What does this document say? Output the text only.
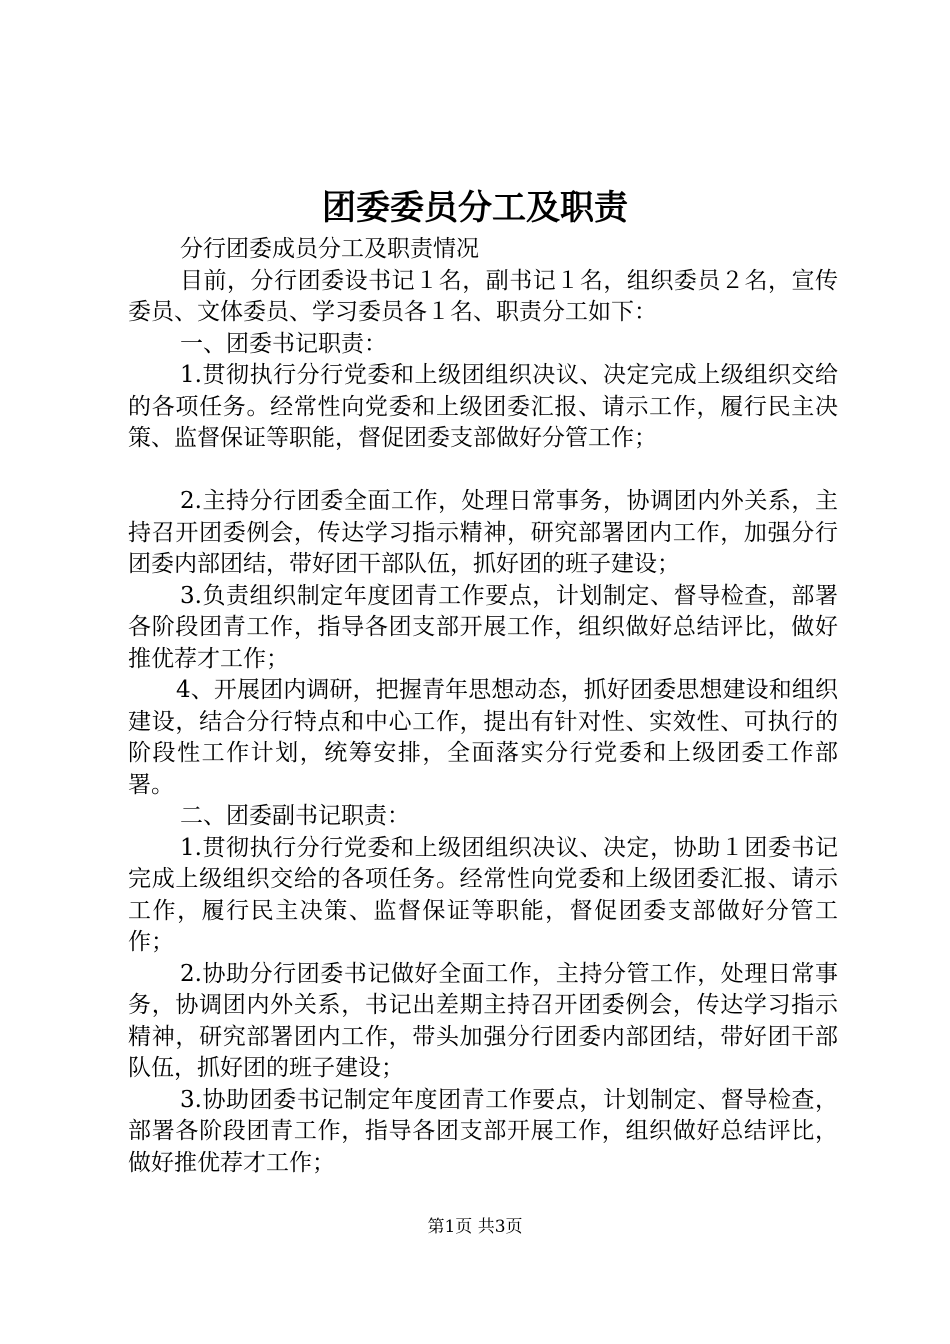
团委委员分工及职责

分行团委成员分工及职责情况

目前，分行团委设书记１名，副书记１名，组织委员２名，宣传委员、文体委员、学习委员各１名、职责分工如下：

一、团委书记职责：

1.贯彻执行分行党委和上级团组织决议、决定完成上级组织交给的各项任务。经常性向党委和上级团委汇报、请示工作，履行民主决策、监督保证等职能，督促团委支部做好分管工作；

2.主持分行团委全面工作，处理日常事务，协调团内外关系，主持召开团委例会，传达学习指示精神，研究部署团内工作，加强分行团委内部团结，带好团干部队伍，抓好团的班子建设；

3.负责组织制定年度团青工作要点，计划制定、督导检查，部署各阶段团青工作，指导各团支部开展工作，组织做好总结评比，做好推优荐才工作；

4、开展团内调研，把握青年思想动态，抓好团委思想建设和组织建设，结合分行特点和中心工作，提出有针对性、实效性、可执行的阶段性工作计划，统筹安排，全面落实分行党委和上级团委工作部署。

二、团委副书记职责：

1.贯彻执行分行党委和上级团组织决议、决定，协助１团委书记完成上级组织交给的各项任务。经常性向党委和上级团委汇报、请示工作，履行民主决策、监督保证等职能，督促团委支部做好分管工作；

2.协助分行团委书记做好全面工作，主持分管工作，处理日常事务，协调团内外关系，书记出差期主持召开团委例会，传达学习指示精神，研究部署团内工作，带头加强分行团委内部团结，带好团干部队伍，抓好团的班子建设；

3.协助团委书记制定年度团青工作要点，计划制定、督导检查，部署各阶段团青工作，指导各团支部开展工作，组织做好总结评比，做好推优荐才工作；

第1页 共3页
